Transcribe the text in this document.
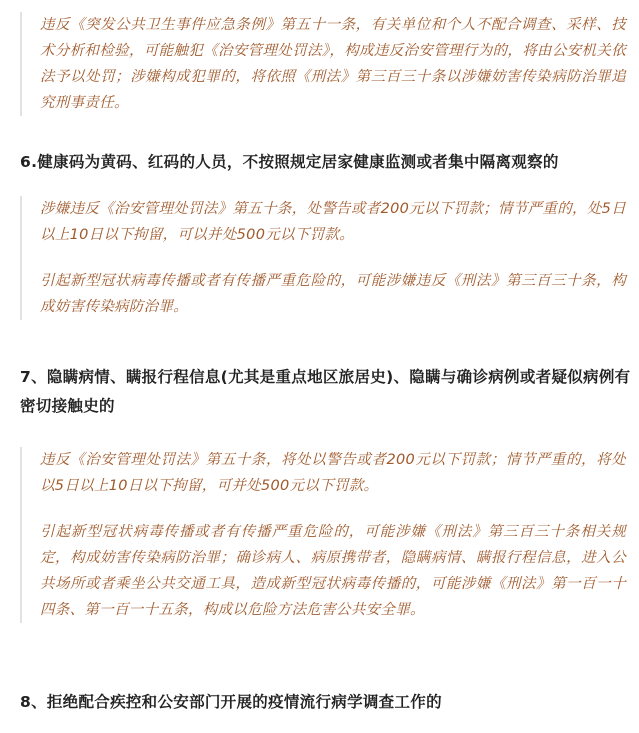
违反《突发公共卫生事件应急条例》第五十一条，有关单位和个人不配合调查、采样、技术分析和检验，可能触犯《治安管理处罚法》，构成违反治安管理行为的，将由公安机关依法予以处罚；涉嫌构成犯罪的，将依照《刑法》第三百三十条以涉嫌妨害传染病防治罪追究刑事责任。

6.健康码为黄码、红码的人员，不按照规定居家健康监测或者集中隔离观察的

涉嫌违反《治安管理处罚法》第五十条，处警告或者200元以下罚款；情节严重的，处5日以上10日以下拘留，可以并处500元以下罚款。

引起新型冠状病毒传播或者有传播严重危险的，可能涉嫌违反《刑法》第三百三十条，构成妨害传染病防治罪。

7、隐瞒病情、瞒报行程信息(尤其是重点地区旅居史)、隐瞒与确诊病例或者疑似病例有密切接触史的

违反《治安管理处罚法》第五十条，将处以警告或者200元以下罚款；情节严重的，将处以5日以上10日以下拘留，可并处500元以下罚款。

引起新型冠状病毒传播或者有传播严重危险的，可能涉嫌《刑法》第三百三十条相关规定，构成妨害传染病防治罪；确诊病人、病原携带者，隐瞒病情、瞒报行程信息，进入公共场所或者乘坐公共交通工具，造成新型冠状病毒传播的，可能涉嫌《刑法》第一百一十四条、第一百一十五条，构成以危险方法危害公共安全罪。

8、拒绝配合疾控和公安部门开展的疫情流行病学调查工作的
